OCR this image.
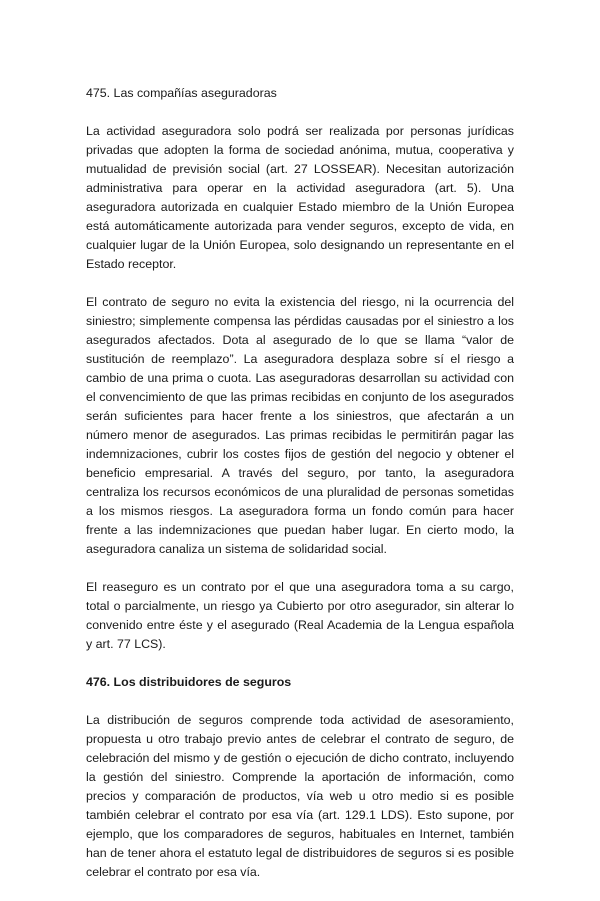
475. Las compañías aseguradoras

La actividad aseguradora solo podrá ser realizada por personas jurídicas privadas que adopten la forma de sociedad anónima, mutua, cooperativa y mutualidad de previsión social (art. 27 LOSSEAR). Necesitan autorización administrativa para operar en la actividad aseguradora (art. 5). Una aseguradora autorizada en cualquier Estado miembro de la Unión Europea está automáticamente autorizada para vender seguros, excepto de vida, en cualquier lugar de la Unión Europea, solo designando un representante en el Estado receptor.

El contrato de seguro no evita la existencia del riesgo, ni la ocurrencia del siniestro; simplemente compensa las pérdidas causadas por el siniestro a los asegurados afectados. Dota al asegurado de lo que se llama “valor de sustitución de reemplazo”. La aseguradora desplaza sobre sí el riesgo a cambio de una prima o cuota. Las aseguradoras desarrollan su actividad con el convencimiento de que las primas recibidas en conjunto de los asegurados serán suficientes para hacer frente a los siniestros, que afectarán a un número menor de asegurados. Las primas recibidas le permitirán pagar las indemnizaciones, cubrir los costes fijos de gestión del negocio y obtener el beneficio empresarial. A través del seguro, por tanto, la aseguradora centraliza los recursos económicos de una pluralidad de personas sometidas a los mismos riesgos. La aseguradora forma un fondo común para hacer frente a las indemnizaciones que puedan haber lugar. En cierto modo, la aseguradora canaliza un sistema de solidaridad social.

El reaseguro es un contrato por el que una aseguradora toma a su cargo, total o parcialmente, un riesgo ya Cubierto por otro asegurador, sin alterar lo convenido entre éste y el asegurado (Real Academia de la Lengua española y art. 77 LCS).

476. Los distribuidores de seguros

La distribución de seguros comprende toda actividad de asesoramiento, propuesta u otro trabajo previo antes de celebrar el contrato de seguro, de celebración del mismo y de gestión o ejecución de dicho contrato, incluyendo la gestión del siniestro. Comprende la aportación de información, como precios y comparación de productos, vía web u otro medio si es posible también celebrar el contrato por esa vía (art. 129.1 LDS). Esto supone, por ejemplo, que los comparadores de seguros, habituales en Internet, también han de tener ahora el estatuto legal de distribuidores de seguros si es posible celebrar el contrato por esa vía.
